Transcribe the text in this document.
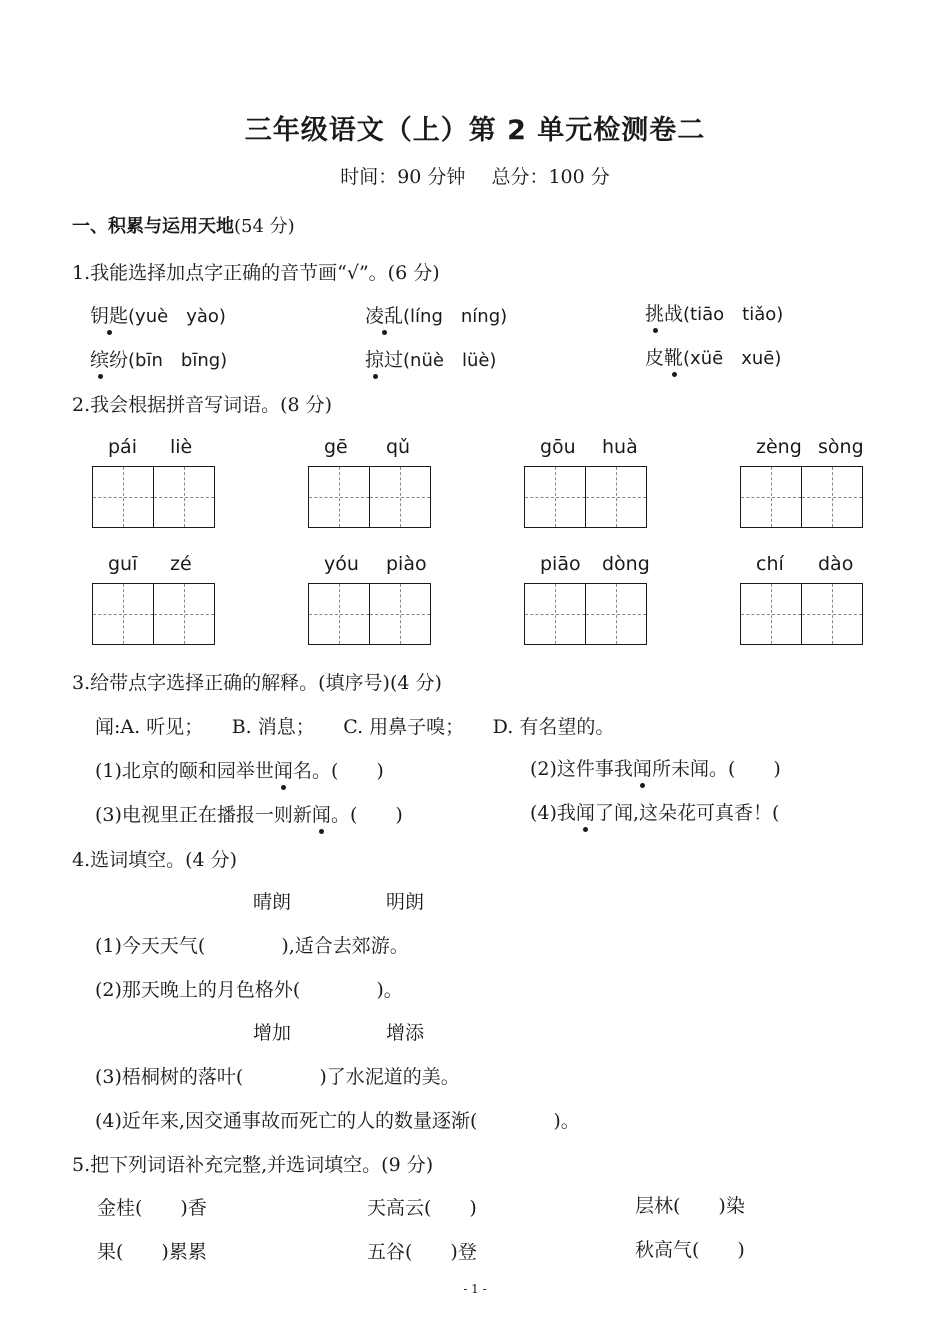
三年级语文（上）第 2 单元检测卷二
时间：90 分钟 总分：100 分
一、积累与运用天地(54 分)
1.我能选择加点字正确的音节画“√”。(6 分)
钥匙(yuè　yào)	凌乱(líng　níng)	挑战(tiāo　tiǎo)
缤纷(bīn　bīng)	掠过(nüè　lüè)	皮靴(xüē　xuē)
2.我会根据拼音写词语。(8 分)
pái liè	gē qǔ	gōu huà	zèng sòng
guī zé	yóu piào	piāo dòng	chí dào
3.给带点字选择正确的解释。(填序号)(4 分)
闻:A. 听见；　　B. 消息；　　C. 用鼻子嗅；　　D. 有名望的。
(1)北京的颐和园举世闻名。(　　)	(2)这件事我闻所未闻。(　　)
(3)电视里正在播报一则新闻。(　　)	(4)我闻了闻,这朵花可真香！(
4.选词填空。(4 分)
晴朗	明朗
(1)今天天气(　　　　),适合去郊游。
(2)那天晚上的月色格外(　　　　)。
增加	增添
(3)梧桐树的落叶(　　　　)了水泥道的美。
(4)近年来,因交通事故而死亡的人的数量逐渐(　　　　)。
5.把下列词语补充完整,并选词填空。(9 分)
金桂(　　)香	天高云(　　)	层林(　　)染
果(　　)累累	五谷(　　)登	秋高气(　　)
- 1 -
